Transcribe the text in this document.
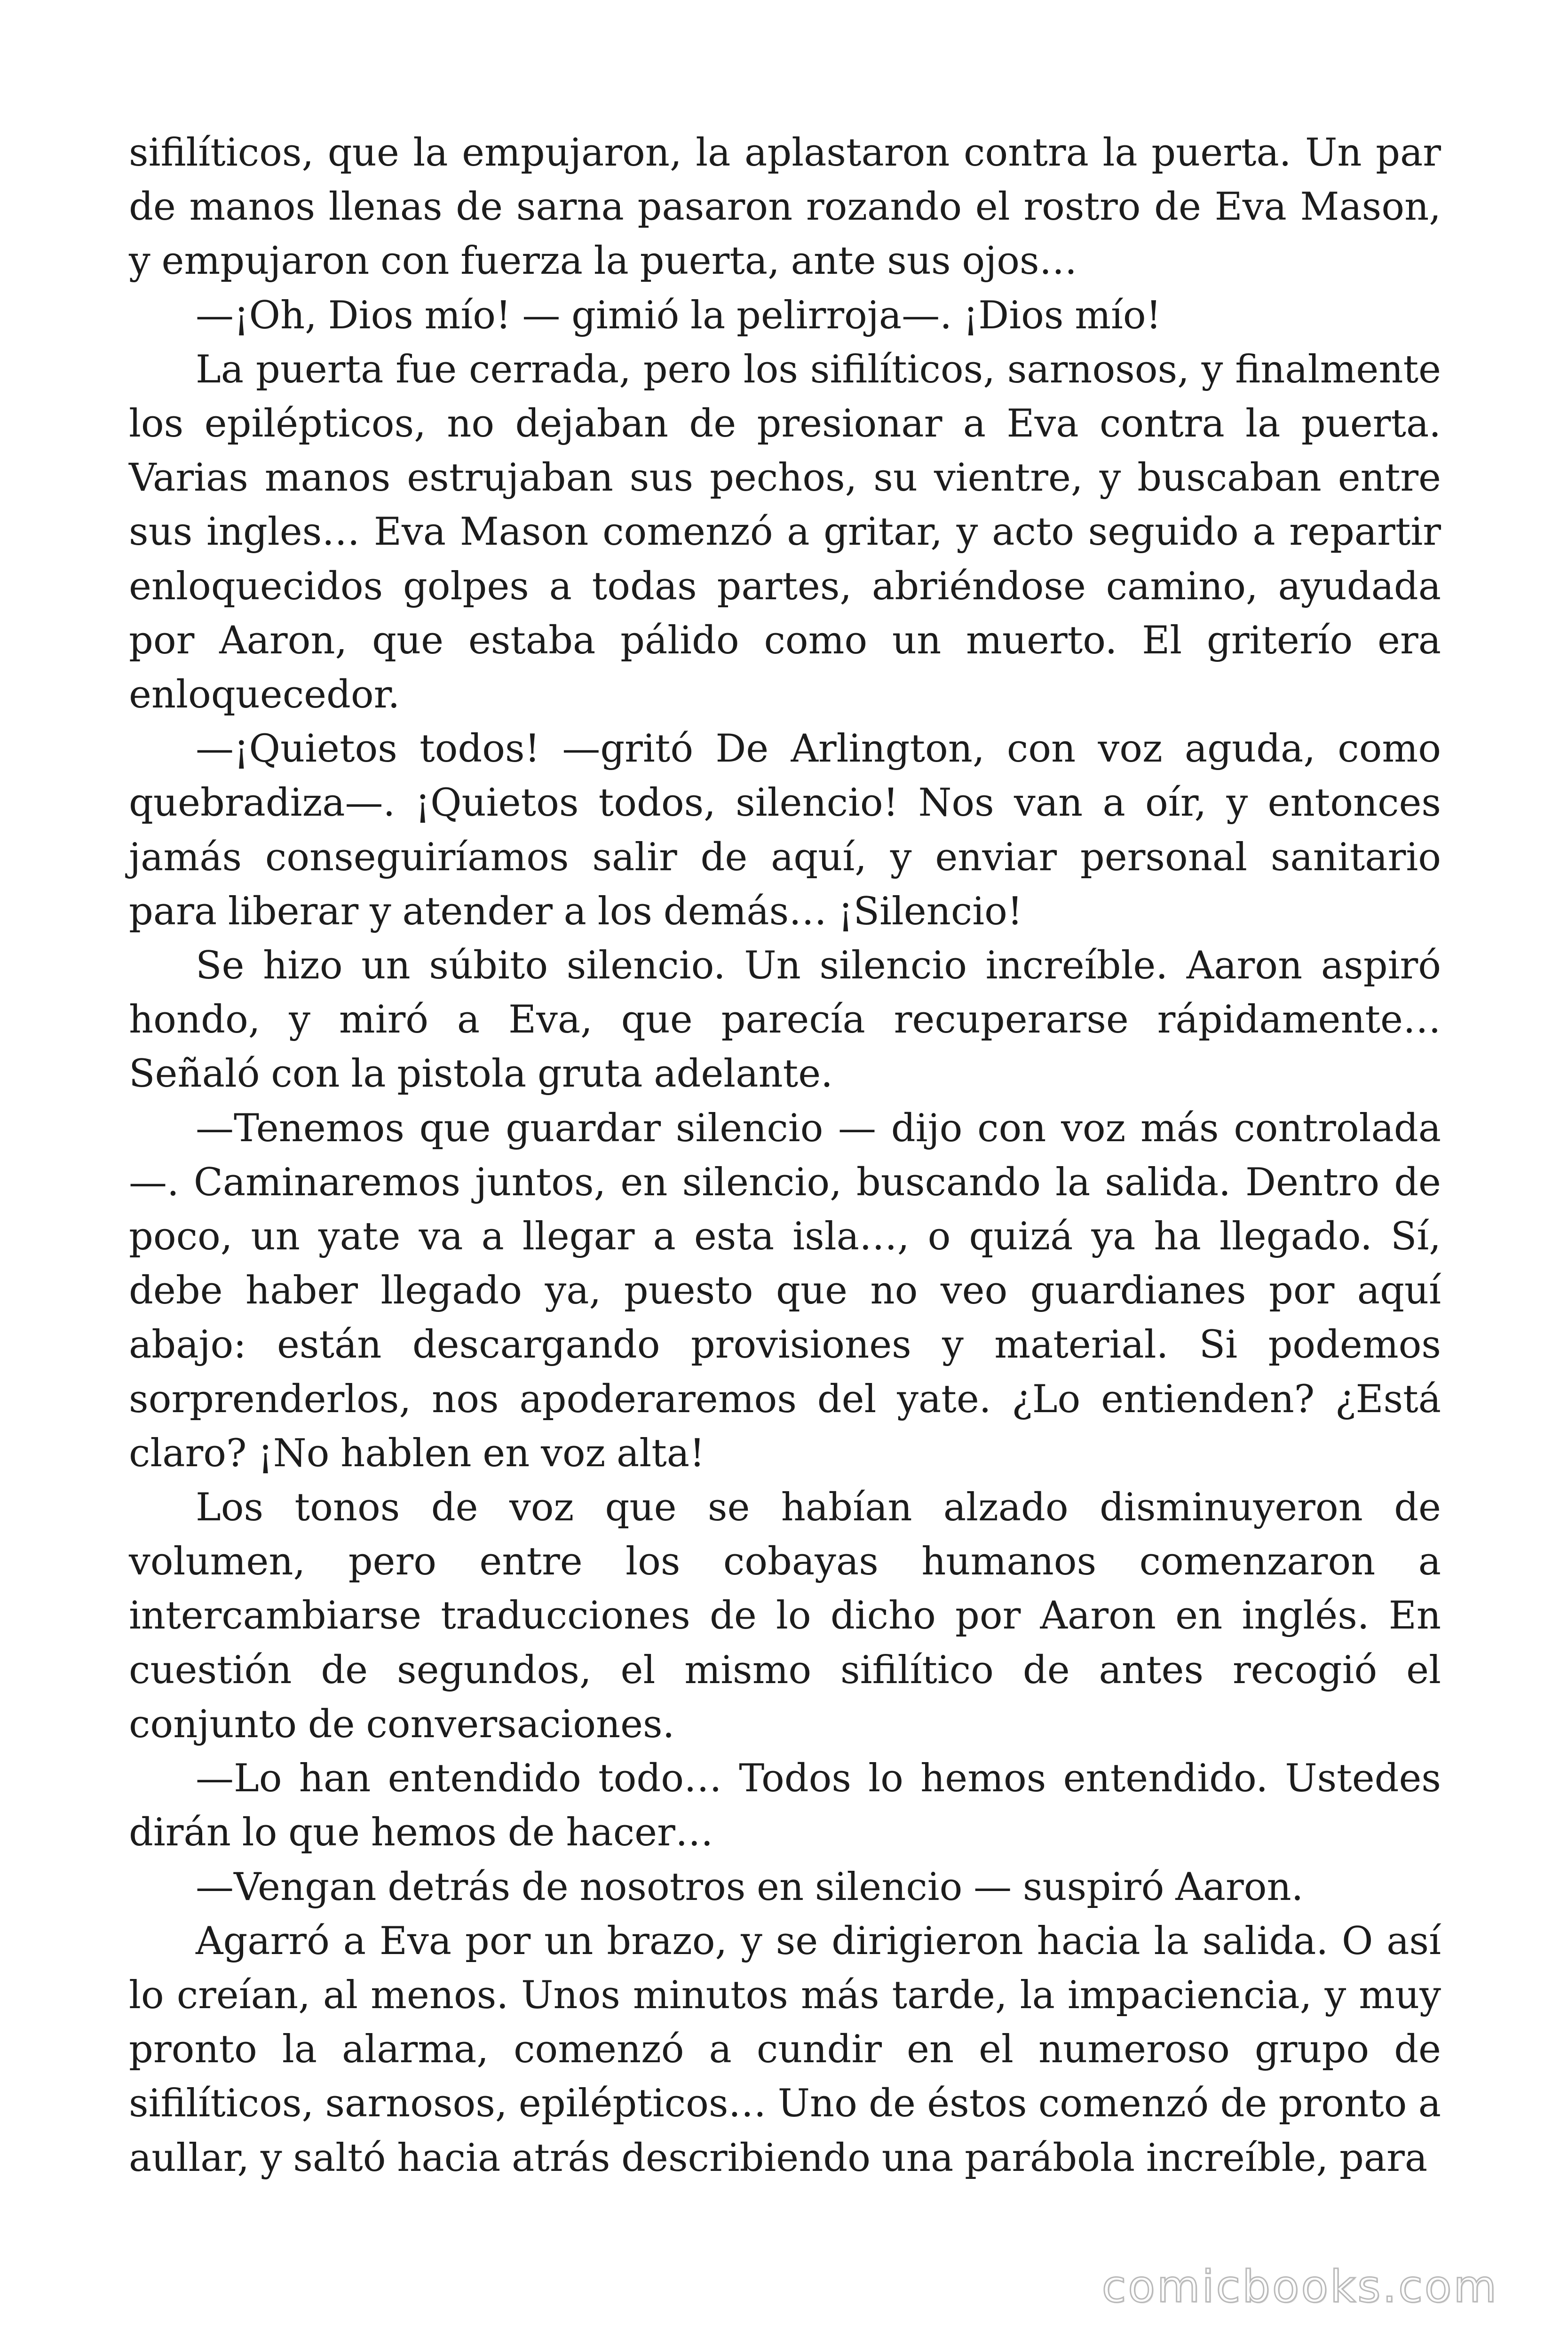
sifilíticos, que la empujaron, la aplastaron contra la puerta. Un par de manos llenas de sarna pasaron rozando el rostro de Eva Mason, y empujaron con fuerza la puerta, ante sus ojos…

—¡Oh, Dios mío! — gimió la pelirroja—. ¡Dios mío!

La puerta fue cerrada, pero los sifilíticos, sarnosos, y finalmente los epilépticos, no dejaban de presionar a Eva contra la puerta. Varias manos estrujaban sus pechos, su vientre, y buscaban entre sus ingles… Eva Mason comenzó a gritar, y acto seguido a repartir enloquecidos golpes a todas partes, abriéndose camino, ayudada por Aaron, que estaba pálido como un muerto. El griterío era enloquecedor.

—¡Quietos todos! —gritó De Arlington, con voz aguda, como quebradiza—. ¡Quietos todos, silencio! Nos van a oír, y entonces jamás conseguiríamos salir de aquí, y enviar personal sanitario para liberar y atender a los demás… ¡Silencio!

Se hizo un súbito silencio. Un silencio increíble. Aaron aspiró hondo, y miró a Eva, que parecía recuperarse rápidamente… Señaló con la pistola gruta adelante.

—Tenemos que guardar silencio — dijo con voz más controlada —. Caminaremos juntos, en silencio, buscando la salida. Dentro de poco, un yate va a llegar a esta isla…, o quizá ya ha llegado. Sí, debe haber llegado ya, puesto que no veo guardianes por aquí abajo: están descargando provisiones y material. Si podemos sorprenderlos, nos apoderaremos del yate. ¿Lo entienden? ¿Está claro? ¡No hablen en voz alta!

Los tonos de voz que se habían alzado disminuyeron de volumen, pero entre los cobayas humanos comenzaron a intercambiarse traducciones de lo dicho por Aaron en inglés. En cuestión de segundos, el mismo sifilítico de antes recogió el conjunto de conversaciones.

—Lo han entendido todo… Todos lo hemos entendido. Ustedes dirán lo que hemos de hacer…

—Vengan detrás de nosotros en silencio — suspiró Aaron.

Agarró a Eva por un brazo, y se dirigieron hacia la salida. O así lo creían, al menos. Unos minutos más tarde, la impaciencia, y muy pronto la alarma, comenzó a cundir en el numeroso grupo de sifilíticos, sarnosos, epilépticos… Uno de éstos comenzó de pronto a aullar, y saltó hacia atrás describiendo una parábola increíble, para

comicbooks.com
